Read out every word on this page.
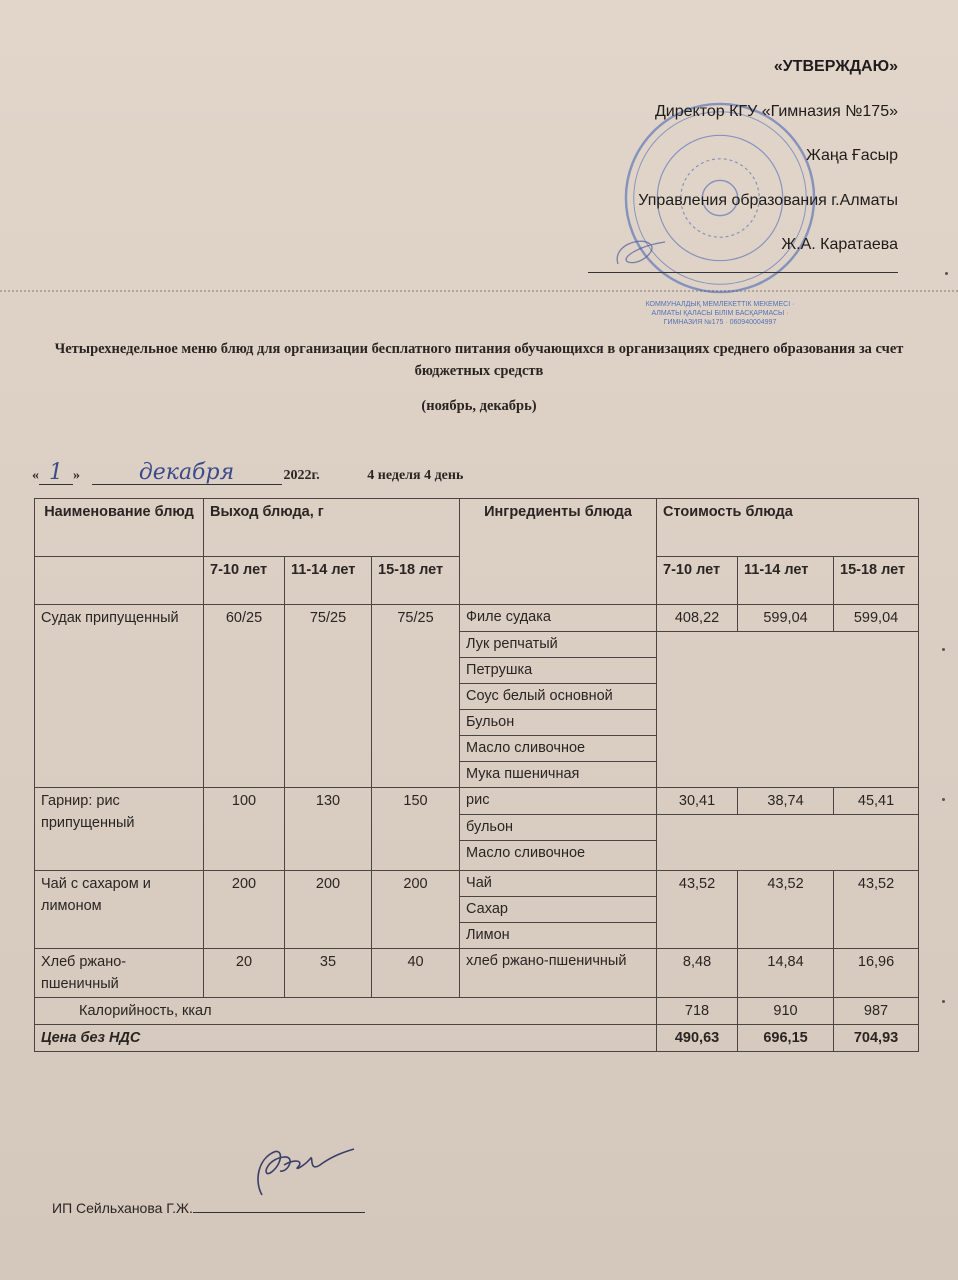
КОММУНАЛДЫҚ МЕМЛЕКЕТТІК МЕКЕМЕСІ · АЛМАТЫ ҚАЛАСЫ БІЛІМ БАСҚАРМАСЫ · ГИМНАЗИЯ №175 · 060940004997
«УТВЕРЖДАЮ»
Директор КГУ «Гимназия №175»
Жаңа Ғасыр
Управления образования г.Алматы
Ж.А. Каратаева
Четырехнедельное меню блюд для организации бесплатного питания обучающихся в организациях среднего образования за счет бюджетных средств
(ноябрь, декабрь)
« 1 »	декабря	2022г.	4 неделя 4 день
Наименование блюд	Выход блюда, г			Ингредиенты блюда	Стоимость блюда		
	7-10 лет	11-14 лет	15-18 лет		7-10 лет	11-14 лет	15-18 лет
Судак припущенный	60/25	75/25	75/25	Филе судака	408,22	599,04	599,04
				Лук репчатый			
				Петрушка			
				Соус белый основной			
				Бульон			
				Масло сливочное			
				Мука пшеничная			
Гарнир: рис припущенный	100	130	150	рис	30,41	38,74	45,41
				бульон			
				Масло сливочное			
Чай с сахаром и лимоном	200	200	200	Чай	43,52	43,52	43,52
				Сахар			
				Лимон			
Хлеб ржано-пшеничный	20	35	40	хлеб ржано-пшеничный	8,48	14,84	16,96
Калорийность, ккал					718	910	987
Цена без НДС					490,63	696,15	704,93
ИП Сейльханова Г.Ж.
